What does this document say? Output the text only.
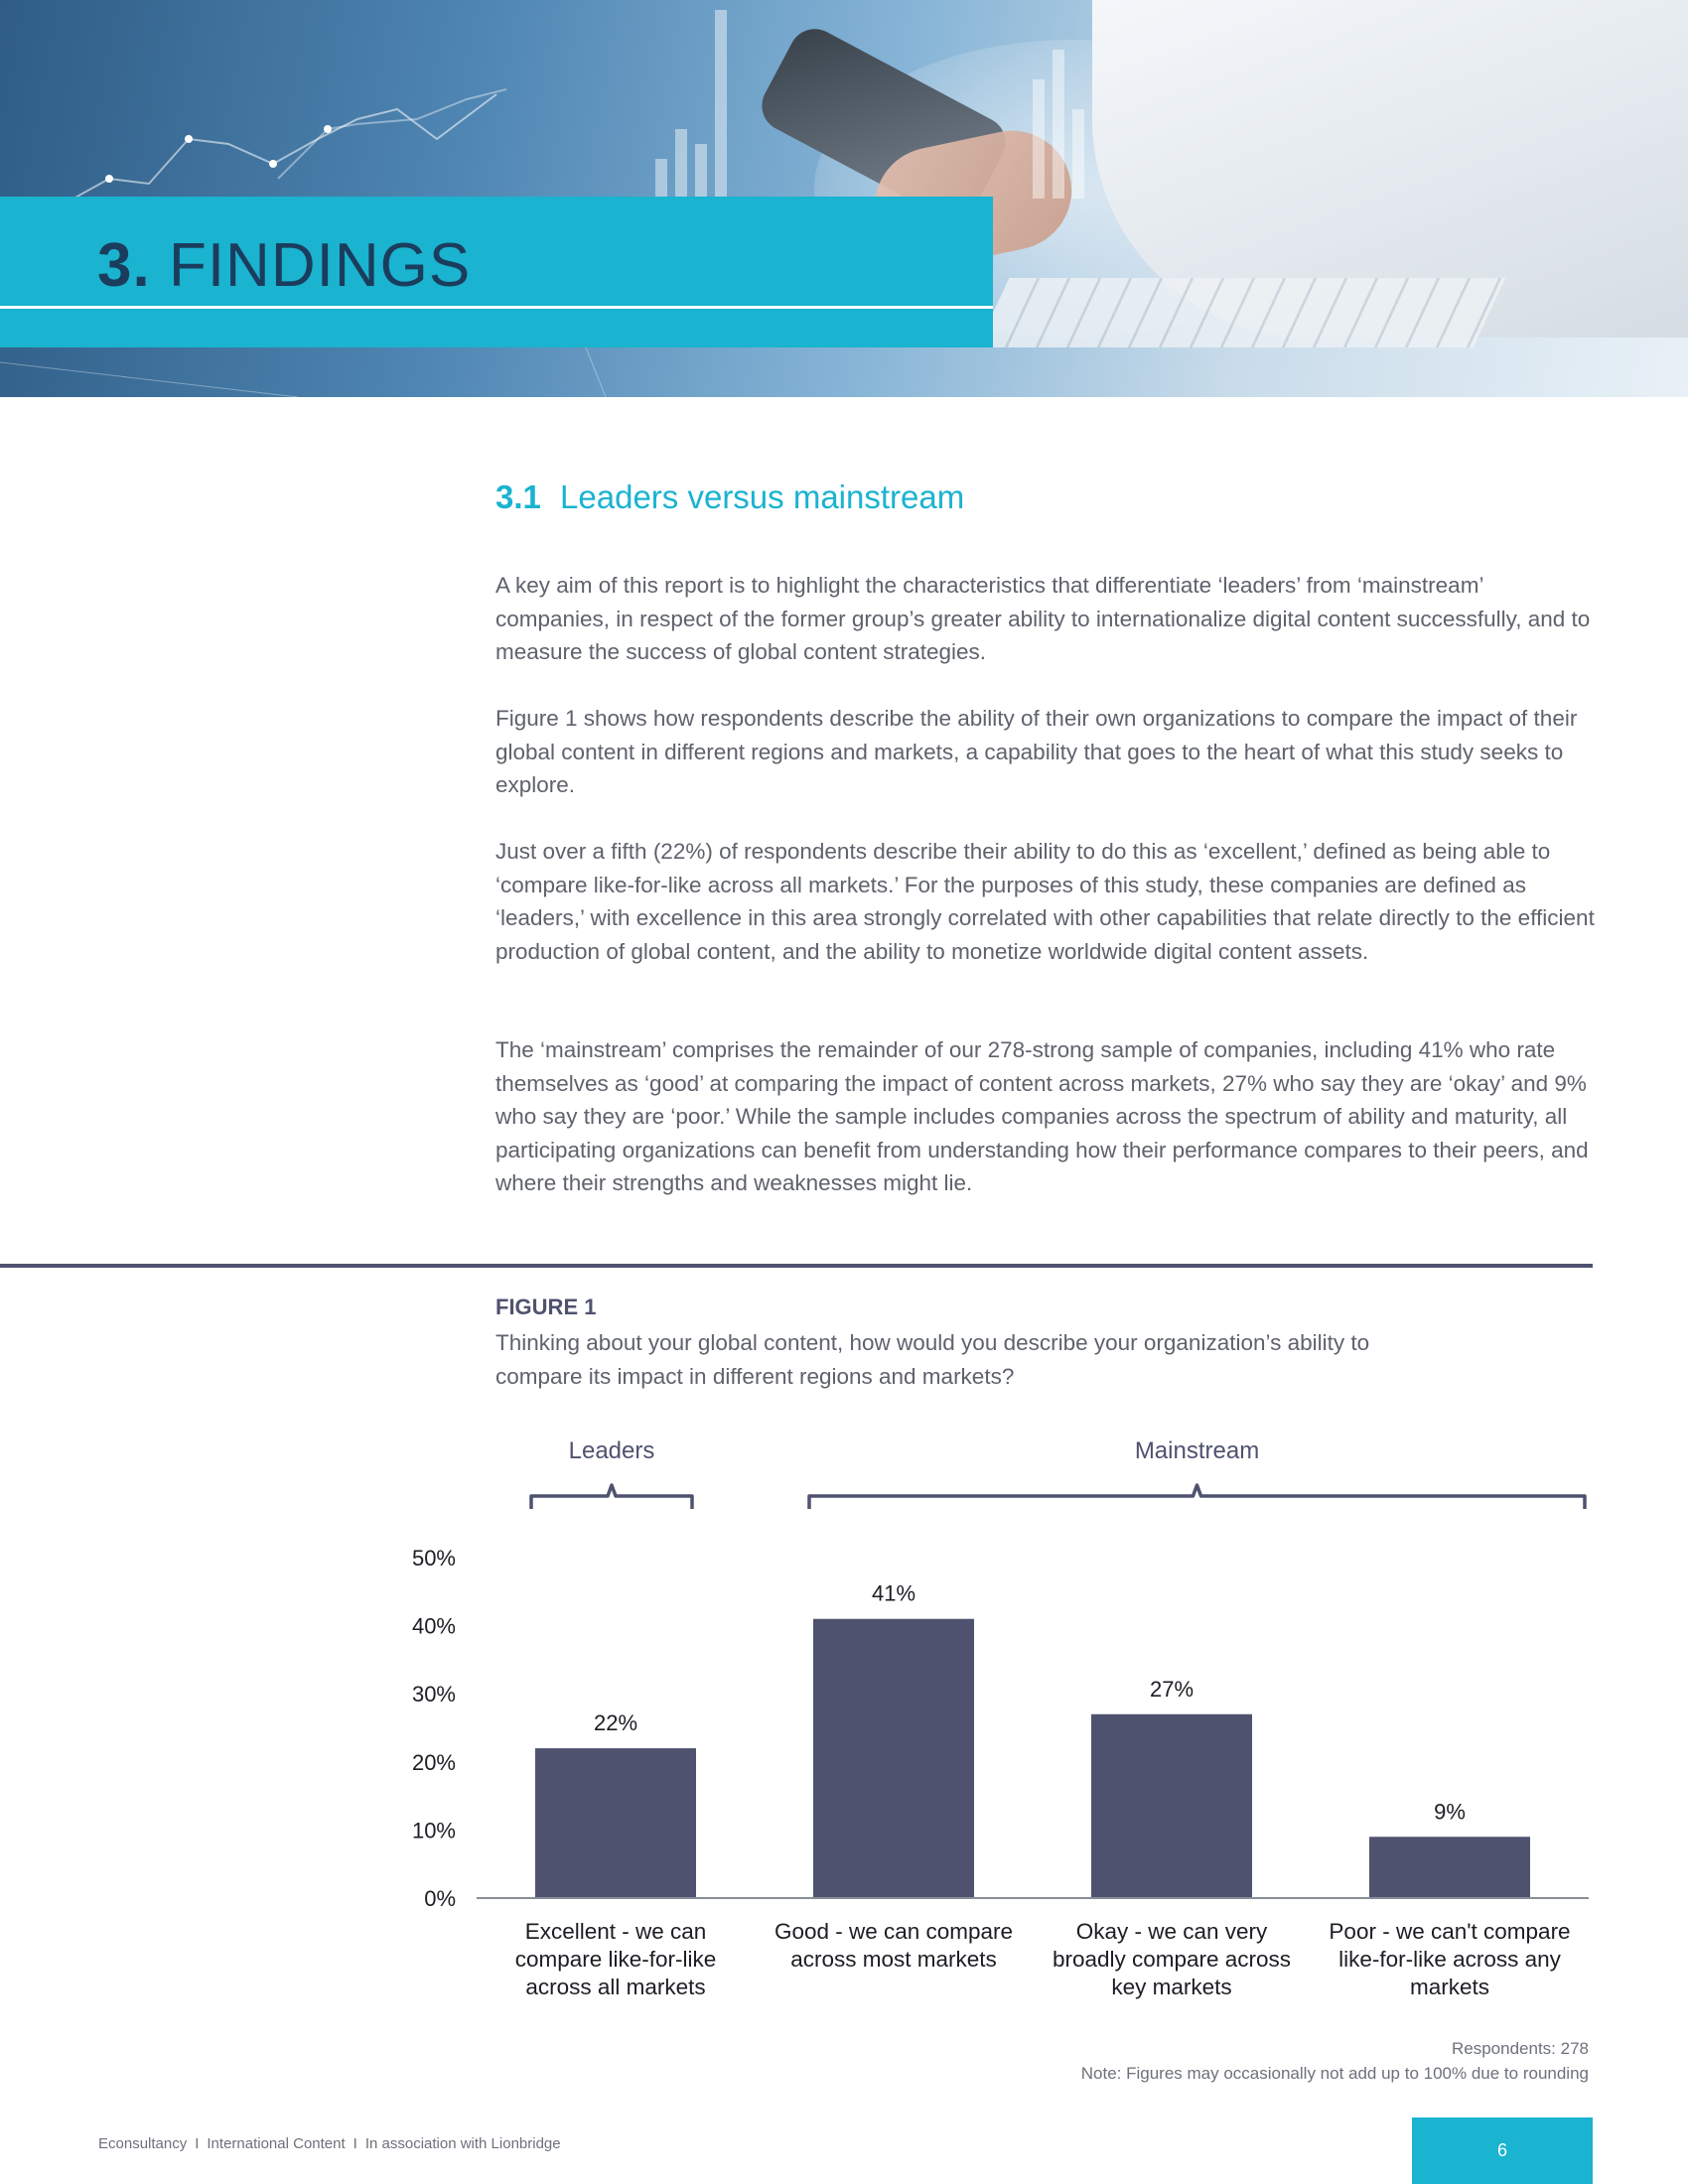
3. FINDINGS
3.1 Leaders versus mainstream

A key aim of this report is to highlight the characteristics that differentiate ‘leaders’ from ‘mainstream’ companies, in respect of the former group’s greater ability to internationalize digital content successfully, and to measure the success of global content strategies.

Figure 1 shows how respondents describe the ability of their own organizations to compare the impact of their global content in different regions and markets, a capability that goes to the heart of what this study seeks to explore.

Just over a fifth (22%) of respondents describe their ability to do this as ‘excellent,’ defined as being able to ‘compare like-for-like across all markets.’ For the purposes of this study, these companies are defined as ‘leaders,’ with excellence in this area strongly correlated with other capabilities that relate directly to the efficient production of global content, and the ability to monetize worldwide digital content assets.

The ‘mainstream’ comprises the remainder of our 278-strong sample of companies, including 41% who rate themselves as ‘good’ at comparing the impact of content across markets, 27% who say they are ‘okay’ and 9% who say they are ‘poor.’ While the sample includes companies across the spectrum of ability and maturity, all participating organizations can benefit from understanding how their performance compares to their peers, and where their strengths and weaknesses might lie.

FIGURE 1

Thinking about your global content, how would you describe your organization’s ability to compare its impact in different regions and markets?

0%
10%
20%
30%
40%
50%
22%
41%
27%
9%
Excellent - we can compare like-for-like across all markets
Good - we can compare across most markets
Okay - we can very broadly compare across key markets
Poor - we can't compare like-for-like across any markets
Leaders	Mainstream
Respondents: 278
Note: Figures may occasionally not add up to 100% due to rounding
Econsultancy I International Content I In association with Lionbridge	6
